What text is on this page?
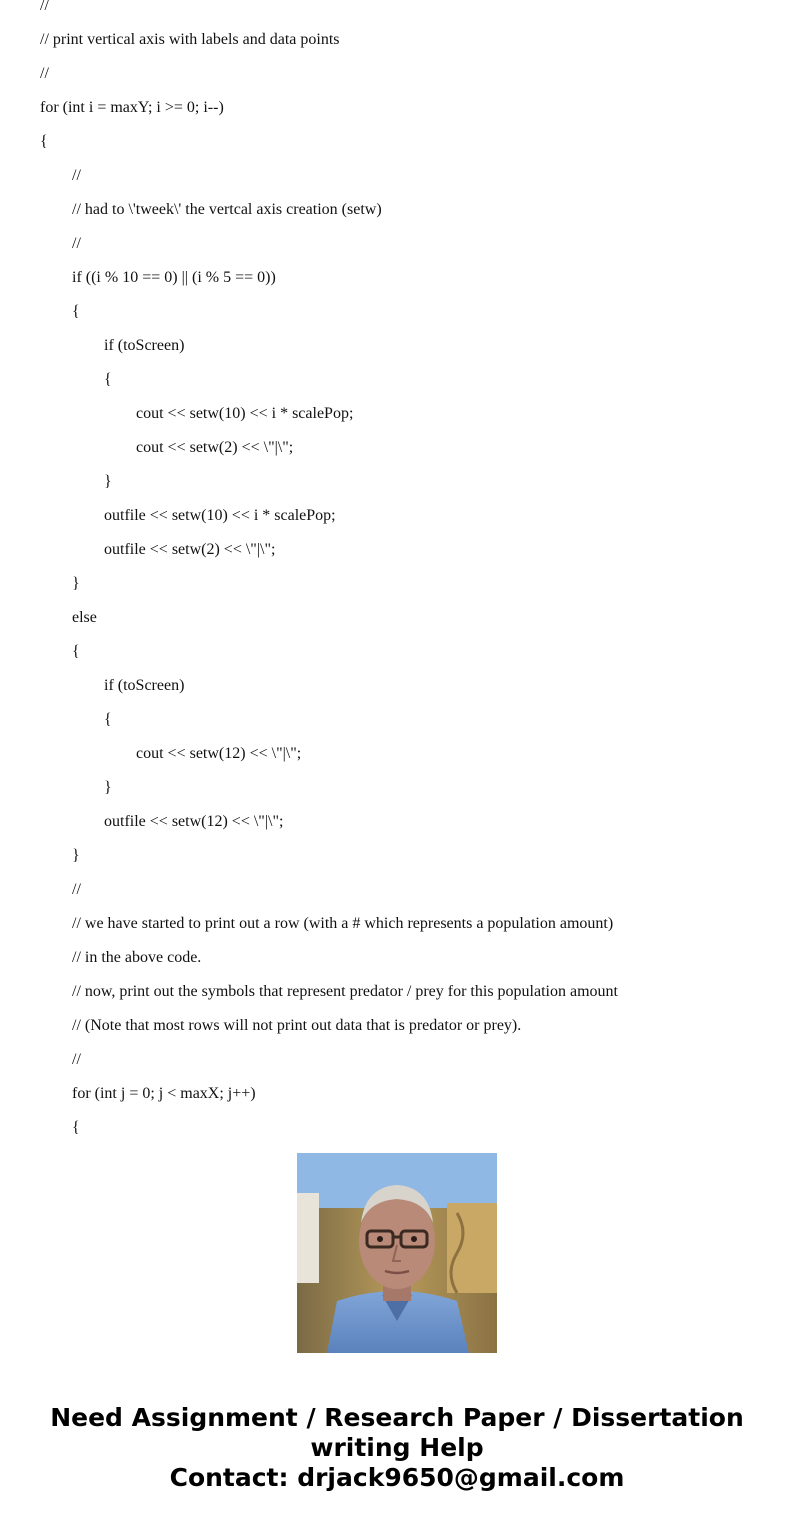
//
// print vertical axis with labels and data points
//
for (int i = maxY; i >= 0; i--)
{
//
// had to \'tweek\' the vertcal axis creation (setw)
//
if ((i % 10 == 0) || (i % 5 == 0))
{
if (toScreen)
{
cout << setw(10) << i * scalePop;
cout << setw(2) << \"|\";
}
outfile << setw(10) << i * scalePop;
outfile << setw(2) << \"|\";
}
else
{
if (toScreen)
{
cout << setw(12) << \"|\";
}
outfile << setw(12) << \"|\";
}
//
// we have started to print out a row (with a # which represents a population amount)
// in the above code.
// now, print out the symbols that represent predator / prey for this population amount
// (Note that most rows will not print out data that is predator or prey).
//
for (int j = 0; j < maxX; j++)
{
Need Assignment / Research Paper / Dissertation
writing Help
Contact: drjack9650@gmail.com
